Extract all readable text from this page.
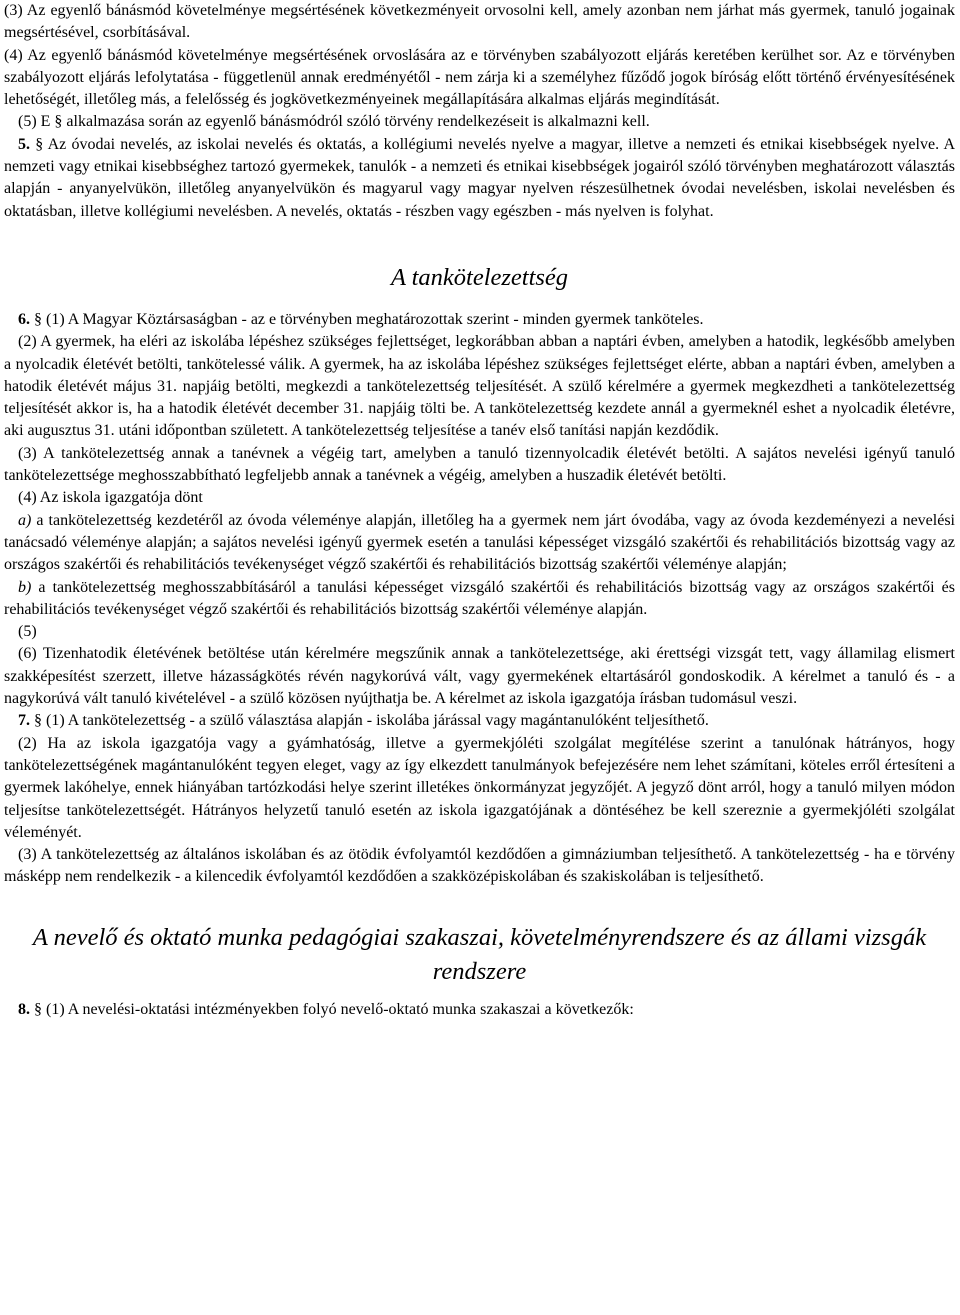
(3) Az egyenlő bánásmód követelménye megsértésének következményeit orvosolni kell, amely azonban nem járhat más gyermek, tanuló jogainak megsértésével, csorbításával.

(4) Az egyenlő bánásmód követelménye megsértésének orvoslására az e törvényben szabályozott eljárás keretében kerülhet sor. Az e törvényben szabályozott eljárás lefolytatása - függetlenül annak eredményétől - nem zárja ki a személyhez fűződő jogok bíróság előtt történő érvényesítésének lehetőségét, illetőleg más, a felelősség és jogkövetkezményeinek megállapítására alkalmas eljárás megindítását.

(5) E § alkalmazása során az egyenlő bánásmódról szóló törvény rendelkezéseit is alkalmazni kell.

5. § Az óvodai nevelés, az iskolai nevelés és oktatás, a kollégiumi nevelés nyelve a magyar, illetve a nemzeti és etnikai kisebbségek nyelve. A nemzeti vagy etnikai kisebbséghez tartozó gyermekek, tanulók - a nemzeti és etnikai kisebbségek jogairól szóló törvényben meghatározott választás alapján - anyanyelvükön, illetőleg anyanyelvükön és magyarul vagy magyar nyelven részesülhetnek óvodai nevelésben, iskolai nevelésben és oktatásban, illetve kollégiumi nevelésben. A nevelés, oktatás - részben vagy egészben - más nyelven is folyhat.

A tankötelezettség

6. § (1) A Magyar Köztársaságban - az e törvényben meghatározottak szerint - minden gyermek tanköteles.

(2) A gyermek, ha eléri az iskolába lépéshez szükséges fejlettséget, legkorábban abban a naptári évben, amelyben a hatodik, legkésőbb amelyben a nyolcadik életévét betölti, tankötelessé válik. A gyermek, ha az iskolába lépéshez szükséges fejlettséget elérte, abban a naptári évben, amelyben a hatodik életévét május 31. napjáig betölti, megkezdi a tankötelezettség teljesítését. A szülő kérelmére a gyermek megkezdheti a tankötelezettség teljesítését akkor is, ha a hatodik életévét december 31. napjáig tölti be. A tankötelezettség kezdete annál a gyermeknél eshet a nyolcadik életévre, aki augusztus 31. utáni időpontban született. A tankötelezettség teljesítése a tanév első tanítási napján kezdődik.

(3) A tankötelezettség annak a tanévnek a végéig tart, amelyben a tanuló tizennyolcadik életévét betölti. A sajátos nevelési igényű tanuló tankötelezettsége meghosszabbítható legfeljebb annak a tanévnek a végéig, amelyben a huszadik életévét betölti.

(4) Az iskola igazgatója dönt

a) a tankötelezettség kezdetéről az óvoda véleménye alapján, illetőleg ha a gyermek nem járt óvodába, vagy az óvoda kezdeményezi a nevelési tanácsadó véleménye alapján; a sajátos nevelési igényű gyermek esetén a tanulási képességet vizsgáló szakértői és rehabilitációs bizottság vagy az országos szakértői és rehabilitációs tevékenységet végző szakértői és rehabilitációs bizottság szakértői véleménye alapján;

b) a tankötelezettség meghosszabbításáról a tanulási képességet vizsgáló szakértői és rehabilitációs bizottság vagy az országos szakértői és rehabilitációs tevékenységet végző szakértői és rehabilitációs bizottság szakértői véleménye alapján.

(5)

(6) Tizenhatodik életévének betöltése után kérelmére megszűnik annak a tankötelezettsége, aki érettségi vizsgát tett, vagy államilag elismert szakképesítést szerzett, illetve házasságkötés révén nagykorúvá vált, vagy gyermekének eltartásáról gondoskodik. A kérelmet a tanuló és - a nagykorúvá vált tanuló kivételével - a szülő közösen nyújthatja be. A kérelmet az iskola igazgatója írásban tudomásul veszi.

7. § (1) A tankötelezettség - a szülő választása alapján - iskolába járással vagy magántanulóként teljesíthető.

(2) Ha az iskola igazgatója vagy a gyámhatóság, illetve a gyermekjóléti szolgálat megítélése szerint a tanulónak hátrányos, hogy tankötelezettségének magántanulóként tegyen eleget, vagy az így elkezdett tanulmányok befejezésére nem lehet számítani, köteles erről értesíteni a gyermek lakóhelye, ennek hiányában tartózkodási helye szerint illetékes önkormányzat jegyzőjét. A jegyző dönt arról, hogy a tanuló milyen módon teljesítse tankötelezettségét. Hátrányos helyzetű tanuló esetén az iskola igazgatójának a döntéséhez be kell szereznie a gyermekjóléti szolgálat véleményét.

(3) A tankötelezettség az általános iskolában és az ötödik évfolyamtól kezdődően a gimnáziumban teljesíthető. A tankötelezettség - ha e törvény másképp nem rendelkezik - a kilencedik évfolyamtól kezdődően a szakközépiskolában és szakiskolában is teljesíthető.

A nevelő és oktató munka pedagógiai szakaszai, követelményrendszere és az állami vizsgák rendszere

8. § (1) A nevelési-oktatási intézményekben folyó nevelő-oktató munka szakaszai a következők:
